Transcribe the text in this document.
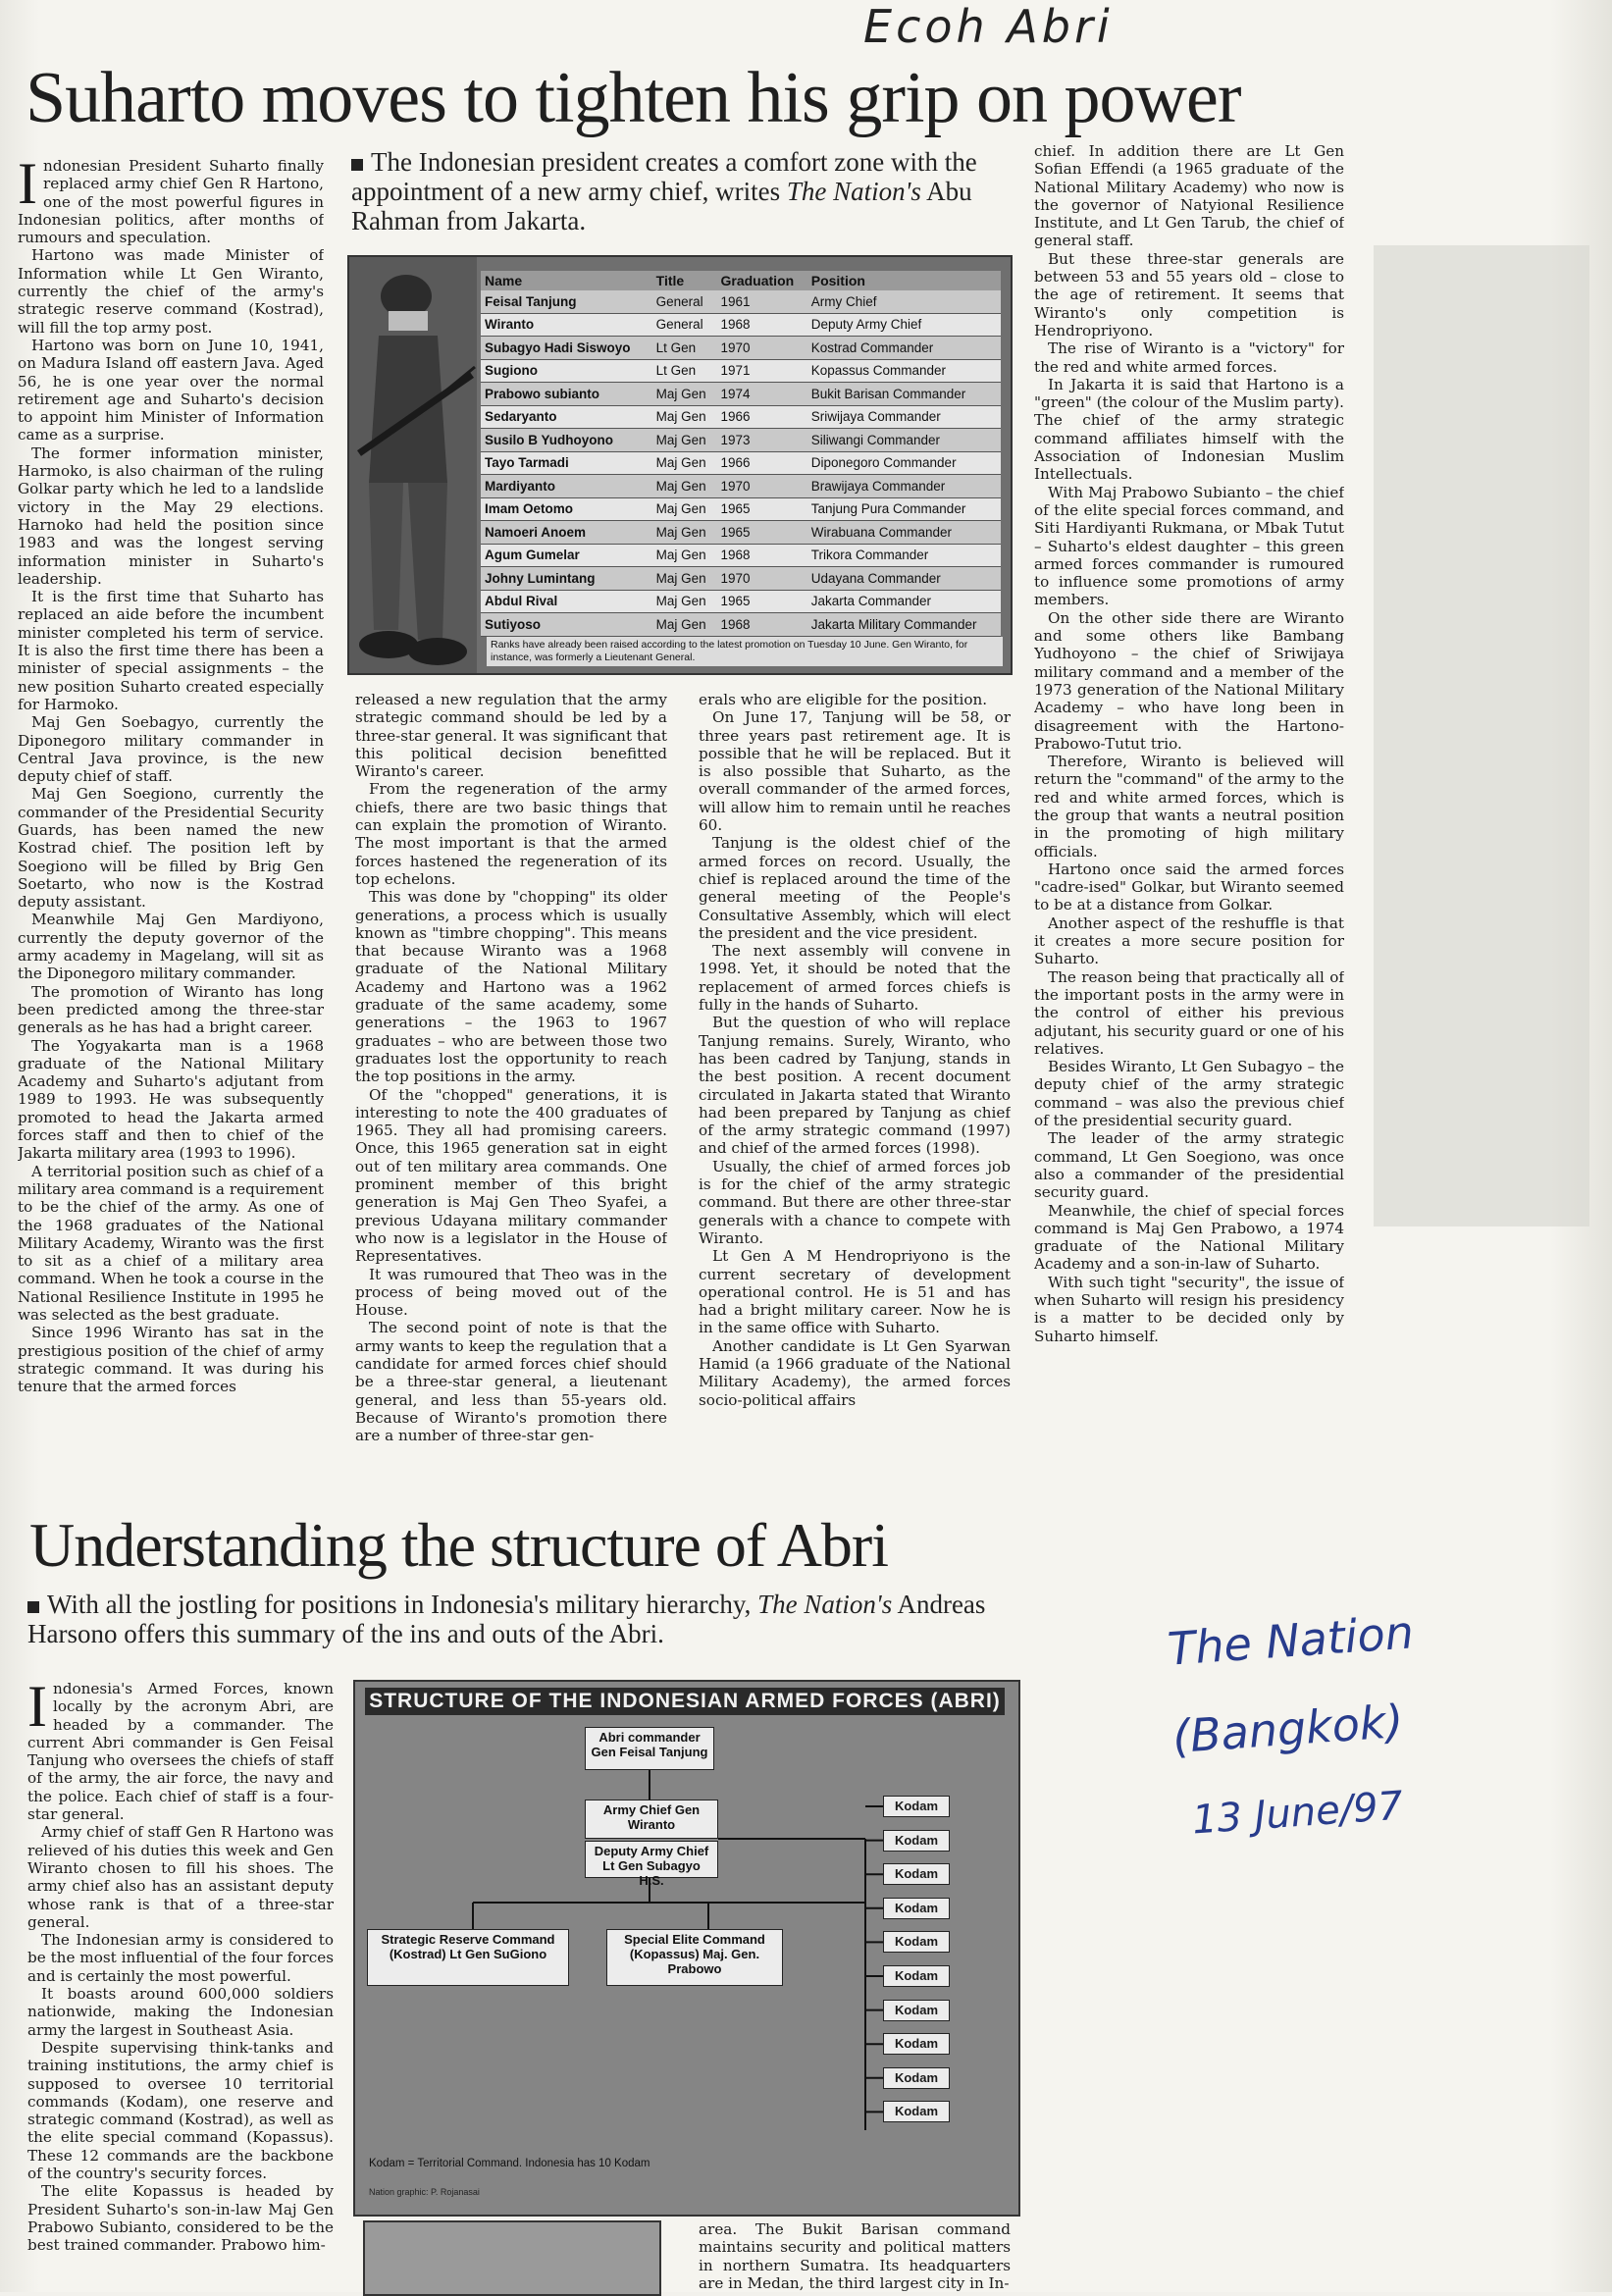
Ecoh Abri
The Nation
(Bangkok)
13 June/97
Suharto moves to tighten his grip on power
The Indonesian president creates a comfort zone with the appointment of a new army chief, writes The Nation's Abu Rahman from Jakarta.
I ndonesian President Suharto finally replaced army chief Gen R Hartono, one of the most powerful figures in Indonesian politics, after months of rumours and speculation.

Hartono was made Minister of Information while Lt Gen Wiranto, currently the chief of the army's strategic reserve command (Kostrad), will fill the top army post.

Hartono was born on June 10, 1941, on Madura Island off eastern Java. Aged 56, he is one year over the normal retirement age and Suharto's decision to appoint him Minister of Information came as a surprise.

The former information minister, Harmoko, is also chairman of the ruling Golkar party which he led to a landslide victory in the May 29 elections. Harnoko had held the position since 1983 and was the longest serving information minister in Suharto's leadership.

It is the first time that Suharto has replaced an aide before the incumbent minister completed his term of service. It is also the first time there has been a minister of special assignments – the new position Suharto created especially for Harmoko.

Maj Gen Soebagyo, currently the Diponegoro military commander in Central Java province, is the new deputy chief of staff.

Maj Gen Soegiono, currently the commander of the Presidential Security Guards, has been named the new Kostrad chief. The position left by Soegiono will be filled by Brig Gen Soetarto, who now is the Kostrad deputy assistant.

Meanwhile Maj Gen Mardiyono, currently the deputy governor of the army academy in Magelang, will sit as the Diponegoro military commander.

The promotion of Wiranto has long been predicted among the three-star generals as he has had a bright career.

The Yogyakarta man is a 1968 graduate of the National Military Academy and Suharto's adjutant from 1989 to 1993. He was subsequently promoted to head the Jakarta armed forces staff and then to chief of the Jakarta military area (1993 to 1996).

A territorial position such as chief of a military area command is a requirement to be the chief of the army. As one of the 1968 graduates of the National Military Academy, Wiranto was the first to sit as a chief of a military area command. When he took a course in the National Resilience Institute in 1995 he was selected as the best graduate.

Since 1996 Wiranto has sat in the prestigious position of the chief of army strategic command. It was during his tenure that the armed forces

Name	Title	Graduation	Position
Feisal Tanjung	General	1961	Army Chief
Wiranto	General	1968	Deputy Army Chief
Subagyo Hadi Siswoyo	Lt Gen	1970	Kostrad Commander
Sugiono	Lt Gen	1971	Kopassus Commander
Prabowo subianto	Maj Gen	1974	Bukit Barisan Commander
Sedaryanto	Maj Gen	1966	Sriwijaya Commander
Susilo B Yudhoyono	Maj Gen	1973	Siliwangi Commander
Tayo Tarmadi	Maj Gen	1966	Diponegoro Commander
Mardiyanto	Maj Gen	1970	Brawijaya Commander
Imam Oetomo	Maj Gen	1965	Tanjung Pura Commander
Namoeri Anoem	Maj Gen	1965	Wirabuana Commander
Agum Gumelar	Maj Gen	1968	Trikora Commander
Johny Lumintang	Maj Gen	1970	Udayana Commander
Abdul Rival	Maj Gen	1965	Jakarta Commander
Sutiyoso	Maj Gen	1968	Jakarta Military Commander
Ranks have already been raised according to the latest promotion on Tuesday 10 June. Gen Wiranto, for instance, was formerly a Lieutenant General.

released a new regulation that the army strategic command should be led by a three-star general. It was significant that this political decision benefitted Wiranto's career.

From the regeneration of the army chiefs, there are two basic things that can explain the promotion of Wiranto. The most important is that the armed forces hastened the regeneration of its top echelons.

This was done by "chopping" its older generations, a process which is usually known as "timbre chopping". This means that because Wiranto was a 1968 graduate of the National Military Academy and Hartono was a 1962 graduate of the same academy, some generations – the 1963 to 1967 graduates – who are between those two graduates lost the opportunity to reach the top positions in the army.

Of the "chopped" generations, it is interesting to note the 400 graduates of 1965. They all had promising careers. Once, this 1965 generation sat in eight out of ten military area commands. One prominent member of this bright generation is Maj Gen Theo Syafei, a previous Udayana military commander who now is a legislator in the House of Representatives.

It was rumoured that Theo was in the process of being moved out of the House.

The second point of note is that the army wants to keep the regulation that a candidate for armed forces chief should be a three-star general, a lieutenant general, and less than 55-years old. Because of Wiranto's promotion there are a number of three-star gen-

erals who are eligible for the position.

On June 17, Tanjung will be 58, or three years past retirement age. It is possible that he will be replaced. But it is also possible that Suharto, as the overall commander of the armed forces, will allow him to remain until he reaches 60.

Tanjung is the oldest chief of the armed forces on record. Usually, the chief is replaced around the time of the general meeting of the People's Consultative Assembly, which will elect the president and the vice president.

The next assembly will convene in 1998. Yet, it should be noted that the replacement of armed forces chiefs is fully in the hands of Suharto.

But the question of who will replace Tanjung remains. Surely, Wiranto, who has been cadred by Tanjung, stands in the best position. A recent document circulated in Jakarta stated that Wiranto had been prepared by Tanjung as chief of the army strategic command (1997) and chief of the armed forces (1998).

Usually, the chief of armed forces job is for the chief of the army strategic command. But there are other three-star generals with a chance to compete with Wiranto.

Lt Gen A M Hendropriyono is the current secretary of development operational control. He is 51 and has had a bright military career. Now he is in the same office with Suharto.

Another candidate is Lt Gen Syarwan Hamid (a 1966 graduate of the National Military Academy), the armed forces socio-political affairs

chief. In addition there are Lt Gen Sofian Effendi (a 1965 graduate of the National Military Academy) who now is the governor of Natyional Resilience Institute, and Lt Gen Tarub, the chief of general staff.

But these three-star generals are between 53 and 55 years old – close to the age of retirement. It seems that Wiranto's only competition is Hendropriyono.

The rise of Wiranto is a "victory" for the red and white armed forces.

In Jakarta it is said that Hartono is a "green" (the colour of the Muslim party). The chief of the army strategic command affiliates himself with the Association of Indonesian Muslim Intellectuals.

With Maj Prabowo Subianto – the chief of the elite special forces command, and Siti Hardiyanti Rukmana, or Mbak Tutut – Suharto's eldest daughter – this green armed forces commander is rumoured to influence some promotions of army members.

On the other side there are Wiranto and some others like Bambang Yudhoyono – the chief of Sriwijaya military command and a member of the 1973 generation of the National Military Academy – who have long been in disagreement with the Hartono-Prabowo-Tutut trio.

Therefore, Wiranto is believed will return the "command" of the army to the red and white armed forces, which is the group that wants a neutral position in the promoting of high military officials.

Hartono once said the armed forces "cadre-ised" Golkar, but Wiranto seemed to be at a distance from Golkar.

Another aspect of the reshuffle is that it creates a more secure position for Suharto.

The reason being that practically all of the important posts in the army were in the control of either his previous adjutant, his security guard or one of his relatives.

Besides Wiranto, Lt Gen Subagyo – the deputy chief of the army strategic command – was also the previous chief of the presidential security guard.

The leader of the army strategic command, Lt Gen Soegiono, was once also a commander of the presidential security guard.

Meanwhile, the chief of special forces command is Maj Gen Prabowo, a 1974 graduate of the National Military Academy and a son-in-law of Suharto.

With such tight "security", the issue of when Suharto will resign his presidency is a matter to be decided only by Suharto himself.

Understanding the structure of Abri
With all the jostling for positions in Indonesia's military hierarchy, The Nation's Andreas Harsono offers this summary of the ins and outs of the Abri.
I ndonesia's Armed Forces, known locally by the acronym Abri, are headed by a commander. The current Abri commander is Gen Feisal Tanjung who oversees the chiefs of staff of the army, the air force, the navy and the police. Each chief of staff is a four-star general.

Army chief of staff Gen R Hartono was relieved of his duties this week and Gen Wiranto chosen to fill his shoes. The army chief also has an assistant deputy whose rank is that of a three-star general.

The Indonesian army is considered to be the most influential of the four forces and is certainly the most powerful.

It boasts around 600,000 soldiers nationwide, making the Indonesian army the largest in Southeast Asia.

Despite supervising think-tanks and training institutions, the army chief is supposed to oversee 10 territorial commands (Kodam), one reserve and strategic command (Kostrad), as well as the elite special command (Kopassus). These 12 commands are the backbone of the country's security forces.

The elite Kopassus is headed by President Suharto's son-in-law Maj Gen Prabowo Subianto, considered to be the best trained commander. Prabowo him-

STRUCTURE OF THE INDONESIAN ARMED FORCES (ABRI)
Abri commander Gen Feisal Tanjung
Army Chief Gen Wiranto
Deputy Army Chief Lt Gen Subagyo H.S.
Strategic Reserve Command (Kostrad) Lt Gen SuGiono
Special Elite Command (Kopassus) Maj. Gen. Prabowo
Kodam
Kodam
Kodam
Kodam
Kodam
Kodam
Kodam
Kodam
Kodam
Kodam
Kodam = Territorial Command. Indonesia has 10 Kodam
Nation graphic: P. Rojanasai

area. The Bukit Barisan command maintains security and political matters in northern Sumatra. Its headquarters are in Medan, the third largest city in In-
